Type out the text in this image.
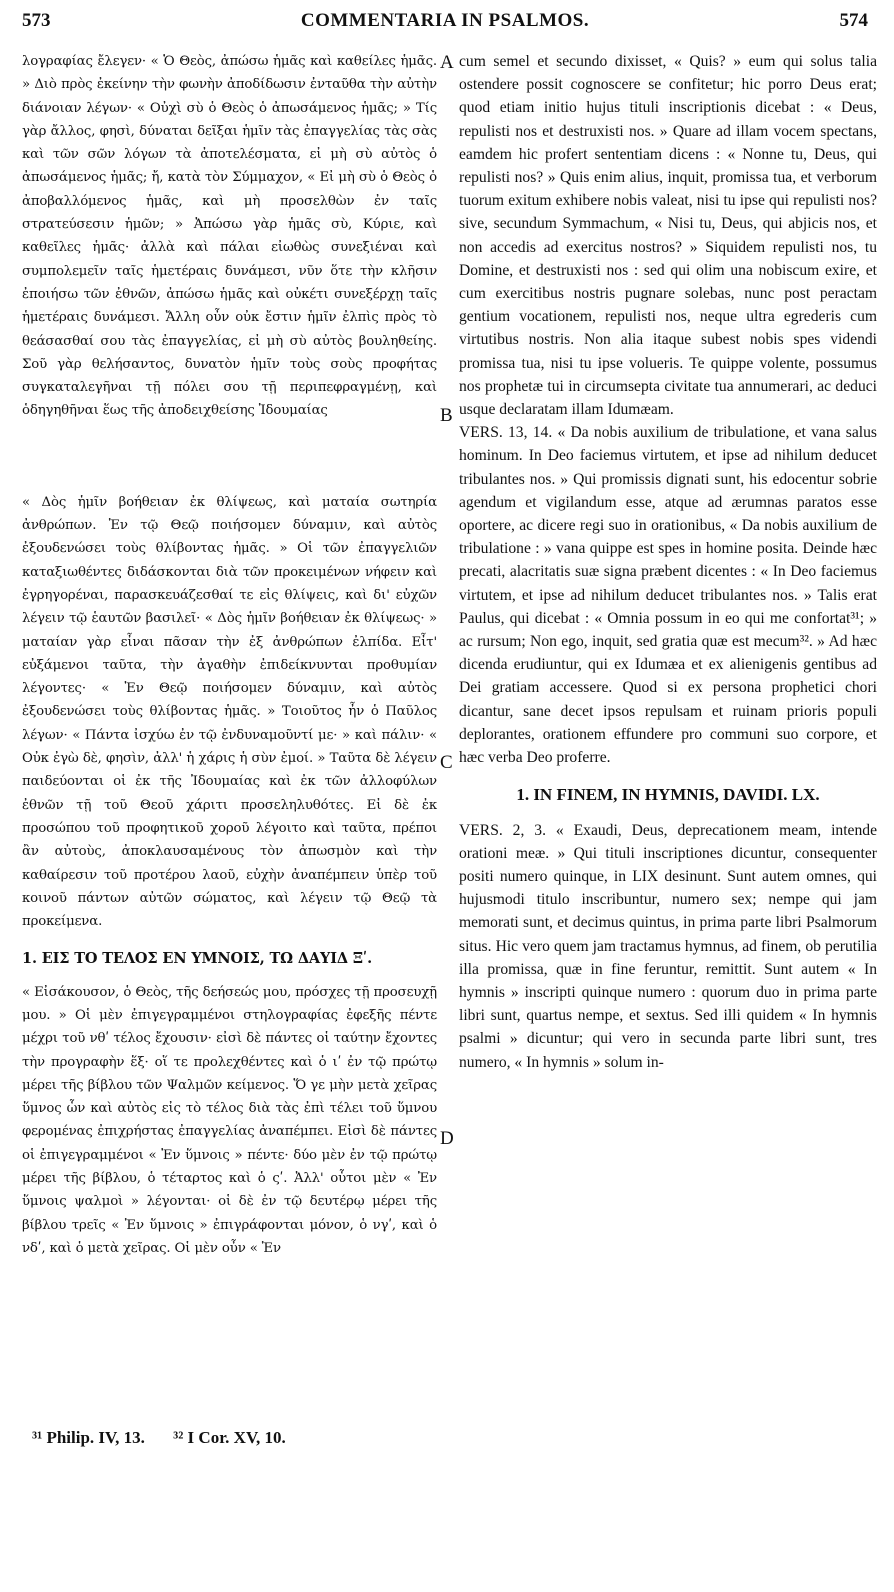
573	COMMENTARIA IN PSALMOS.	574

λογραφίας ἔλεγεν· « Ὁ Θεὸς, ἀπώσω ἡμᾶς καὶ καθείλες ἡμᾶς. » Διὸ πρὸς ἐκείνην τὴν φωνὴν ἀποδίδωσιν ἐνταῦθα τὴν αὐτὴν διάνοιαν λέγων· « Οὐχὶ σὺ ὁ Θεὸς ὁ ἀπωσάμενος ἡμᾶς; » Τίς γὰρ ἄλλος, φησὶ, δύναται δεῖξαι ἡμῖν τὰς ἐπαγγελίας τὰς σὰς καὶ τῶν σῶν λόγων τὰ ἀποτελέσματα, εἰ μὴ σὺ αὐτὸς ὁ ἀπωσάμενος ἡμᾶς; ἤ, κατὰ τὸν Σύμμαχον, « Εἰ μὴ σὺ ὁ Θεὸς ὁ ἀποβαλλόμενος ἡμᾶς, καὶ μὴ προσελθὼν ἐν ταῖς στρατεύσεσιν ἡμῶν; » Ἀπώσω γὰρ ἡμᾶς σὺ, Κύριε, καὶ καθεῖλες ἡμᾶς· ἀλλὰ καὶ πάλαι εἰωθὼς συνεξιέναι καὶ συμπολεμεῖν ταῖς ἡμετέραις δυνάμεσι, νῦν ὅτε τὴν κλῆσιν ἐποιήσω τῶν ἐθνῶν, ἀπώσω ἡμᾶς καὶ οὐκέτι συνεξέρχῃ ταῖς ἡμετέραις δυνάμεσι. Ἄλλη οὖν οὐκ ἔστιν ἡμῖν ἐλπὶς πρὸς τὸ θεάσασθαί σου τὰς ἐπαγγελίας, εἰ μὴ σὺ αὐτὸς βουληθείης. Σοῦ γὰρ θελήσαντος, δυνατὸν ἡμῖν τοὺς σοὺς προφήτας συγκαταλεγῆναι τῇ πόλει σου τῇ περιπεφραγμένῃ, καὶ ὁδηγηθῆναι ἕως τῆς ἀποδειχθείσης Ἰδουμαίας

« Δὸς ἡμῖν βοήθειαν ἐκ θλίψεως, καὶ ματαία σωτηρία ἀνθρώπων. Ἐν τῷ Θεῷ ποιήσομεν δύναμιν, καὶ αὐτὸς ἐξουδενώσει τοὺς θλίβοντας ἡμᾶς. » Οἱ τῶν ἐπαγγελιῶν καταξιωθέντες διδάσκονται διὰ τῶν προκειμένων νήφειν καὶ ἐγρηγορέναι, παρασκευάζεσθαί τε εἰς θλίψεις, καὶ δι' εὐχῶν λέγειν τῷ ἑαυτῶν βασιλεῖ· « Δὸς ἡμῖν βοήθειαν ἐκ θλίψεως· » ματαίαν γὰρ εἶναι πᾶσαν τὴν ἐξ ἀνθρώπων ἐλπίδα. Εἶτ' εὐξάμενοι ταῦτα, τὴν ἀγαθὴν ἐπιδείκνυνται προθυμίαν λέγοντες· « Ἐν Θεῷ ποιήσομεν δύναμιν, καὶ αὐτὸς ἐξουδενώσει τοὺς θλίβοντας ἡμᾶς. » Τοιοῦτος ἦν ὁ Παῦλος λέγων· « Πάντα ἰσχύω ἐν τῷ ἐνδυναμοῦντί με· » καὶ πάλιν· « Οὐκ ἐγὼ δὲ, φησὶν, ἀλλ' ἡ χάρις ἡ σὺν ἐμοί. » Ταῦτα δὲ λέγειν παιδεύονται οἱ ἐκ τῆς Ἰδουμαίας καὶ ἐκ τῶν ἀλλοφύλων ἐθνῶν τῇ τοῦ Θεοῦ χάριτι προσεληλυθότες. Εἰ δὲ ἐκ προσώπου τοῦ προφητικοῦ χοροῦ λέγοιτο καὶ ταῦτα, πρέποι ἂν αὐτοὺς, ἀποκλαυσαμένους τὸν ἀπωσμὸν καὶ τὴν καθαίρεσιν τοῦ προτέρου λαοῦ, εὐχὴν ἀναπέμπειν ὑπὲρ τοῦ κοινοῦ πάντων αὐτῶν σώματος, καὶ λέγειν τῷ Θεῷ τὰ προκείμενα.

1. ΕΙΣ ΤΟ ΤΕΛΟΣ ΕΝ ΥΜΝΟΙΣ, ΤΩ ΔΑΥΙΔ Ξʹ.

« Εἰσάκουσον, ὁ Θεὸς, τῆς δεήσεώς μου, πρόσχες τῇ προσευχῇ μου. » Οἱ μὲν ἐπιγεγραμμένοι στηλογραφίας ἐφεξῆς πέντε μέχρι τοῦ νθʹ τέλος ἔχουσιν· εἰσὶ δὲ πάντες οἱ ταύτην ἔχοντες τὴν προγραφὴν ἕξ· οἵ τε προλεχθέντες καὶ ὁ ιʹ ἐν τῷ πρώτῳ μέρει τῆς βίβλου τῶν Ψαλμῶν κείμενος. Ὅ γε μὴν μετὰ χεῖρας ὕμνος ὧν καὶ αὐτὸς εἰς τὸ τέλος διὰ τὰς ἐπὶ τέλει τοῦ ὕμνου φερομένας ἐπιχρήστας ἐπαγγελίας ἀναπέμπει. Εἰσὶ δὲ πάντες οἱ ἐπιγεγραμμένοι « Ἐν ὕμνοις » πέντε· δύο μὲν ἐν τῷ πρώτῳ μέρει τῆς βίβλου, ὁ τέταρτος καὶ ὁ ςʹ. Ἀλλ' οὗτοι μὲν « Ἐν ὕμνοις ψαλμοὶ » λέγονται· οἱ δὲ ἐν τῷ δευτέρῳ μέρει τῆς βίβλου τρεῖς « Ἐν ὕμνοις » ἐπιγράφονται μόνον, ὁ νγʹ, καὶ ὁ νδʹ, καὶ ὁ μετὰ χεῖρας. Οἱ μὲν οὖν « Ἐν

A
B
C
D

cum semel et secundo dixisset, « Quis? » eum qui solus talia ostendere possit cognoscere se confitetur; hic porro Deus erat; quod etiam initio hujus tituli inscriptionis dicebat : « Deus, repulisti nos et destruxisti nos. » Quare ad illam vocem spectans, eamdem hic profert sententiam dicens : « Nonne tu, Deus, qui repulisti nos? » Quis enim alius, inquit, promissa tua, et verborum tuorum exitum exhibere nobis valeat, nisi tu ipse qui repulisti nos? sive, secundum Symmachum, « Nisi tu, Deus, qui abjicis nos, et non accedis ad exercitus nostros? » Siquidem repulisti nos, tu Domine, et destruxisti nos : sed qui olim una nobiscum exire, et cum exercitibus nostris pugnare solebas, nunc post peractam gentium vocationem, repulisti nos, neque ultra egrederis cum virtutibus nostris. Non alia itaque subest nobis spes videndi promissa tua, nisi tu ipse volueris. Te quippe volente, possumus nos prophetæ tui in circumsepta civitate tua annumerari, ac deduci usque declaratam illam Idumæam.

VERS. 13, 14. « Da nobis auxilium de tribulatione, et vana salus hominum. In Deo faciemus virtutem, et ipse ad nihilum deducet tribulantes nos. » Qui promissis dignati sunt, his edocentur sobrie agendum et vigilandum esse, atque ad ærumnas paratos esse oportere, ac dicere regi suo in orationibus, « Da nobis auxilium de tribulatione : » vana quippe est spes in homine posita. Deinde hæc precati, alacritatis suæ signa præbent dicentes : « In Deo faciemus virtutem, et ipse ad nihilum deducet tribulantes nos. » Talis erat Paulus, qui dicebat : « Omnia possum in eo qui me confortat³¹; » ac rursum; Non ego, inquit, sed gratia quæ est mecum³². » Ad hæc dicenda erudiuntur, qui ex Idumæa et ex alienigenis gentibus ad Dei gratiam accessere. Quod si ex persona prophetici chori dicantur, sane decet ipsos repulsam et ruinam prioris populi deplorantes, orationem effundere pro communi suo corpore, et hæc verba Deo proferre.

1. IN FINEM, IN HYMNIS, DAVIDI. LX.

VERS. 2, 3. « Exaudi, Deus, deprecationem meam, intende orationi meæ. » Qui tituli inscriptiones dicuntur, consequenter positi numero quinque, in LIX desinunt. Sunt autem omnes, qui hujusmodi titulo inscribuntur, numero sex; nempe qui jam memorati sunt, et decimus quintus, in prima parte libri Psalmorum situs. Hic vero quem jam tractamus hymnus, ad finem, ob perutilia illa promissa, quæ in fine feruntur, remittit. Sunt autem « In hymnis » inscripti quinque numero : quorum duo in prima parte libri sunt, quartus nempe, et sextus. Sed illi quidem « In hymnis psalmi » dicuntur; qui vero in secunda parte libri sunt, tres numero, « In hymnis » solum in-

³¹ Philip. IV, 13. ³² I Cor. XV, 10.
